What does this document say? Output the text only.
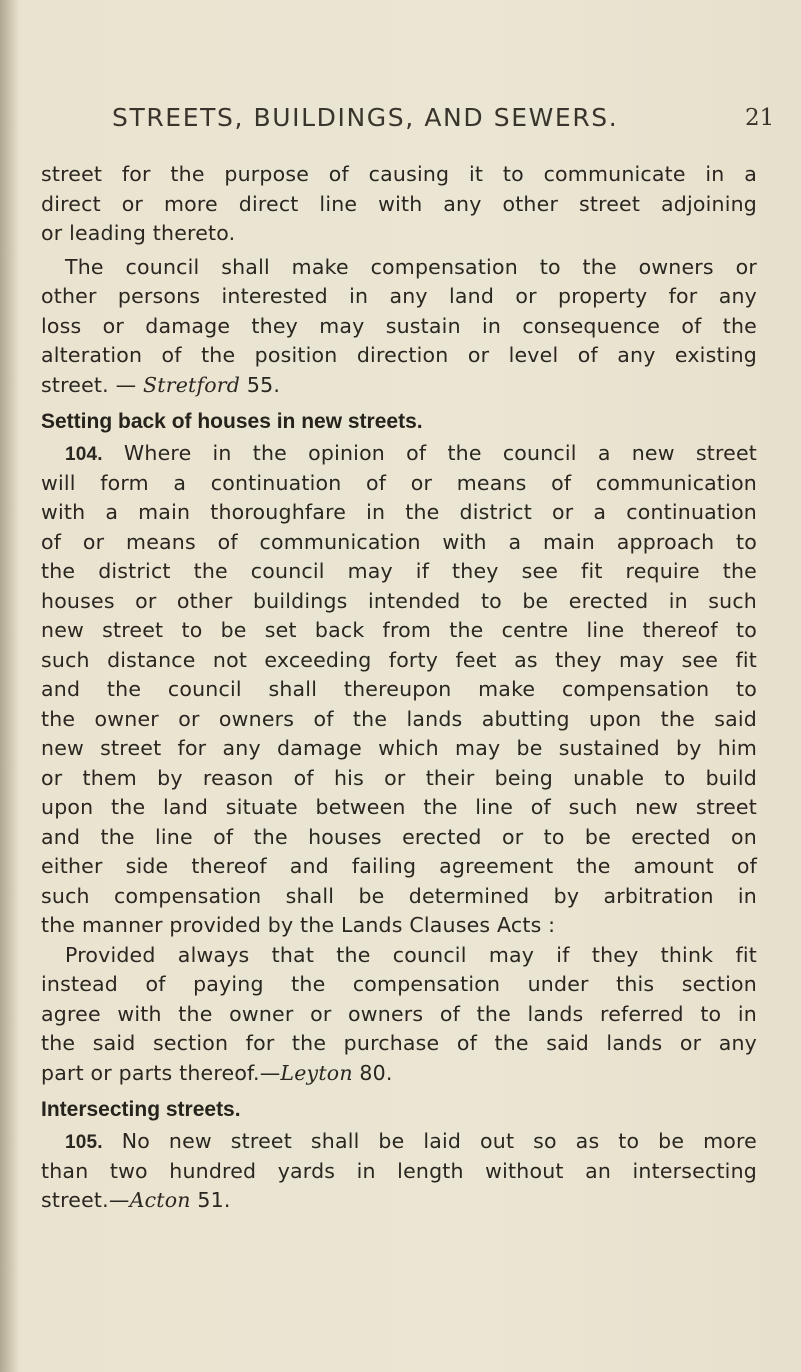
STREETS, BUILDINGS, AND SEWERS.	21
street for the purpose of causing it to communicate in a
direct or more direct line with any other street adjoining
or leading thereto.
The council shall make compensation to the owners or
other persons interested in any land or property for any
loss or damage they may sustain in consequence of the
alteration of the position direction or level of any existing
street. — Stretford 55.
Setting back of houses in new streets.
104. Where in the opinion of the council a new street
will form a continuation of or means of communication
with a main thoroughfare in the district or a continuation
of or means of communication with a main approach to
the district the council may if they see fit require the
houses or other buildings intended to be erected in such
new street to be set back from the centre line thereof to
such distance not exceeding forty feet as they may see fit
and the council shall thereupon make compensation to
the owner or owners of the lands abutting upon the said
new street for any damage which may be sustained by him
or them by reason of his or their being unable to build
upon the land situate between the line of such new street
and the line of the houses erected or to be erected on
either side thereof and failing agreement the amount of
such compensation shall be determined by arbitration in
the manner provided by the Lands Clauses Acts :
Provided always that the council may if they think fit
instead of paying the compensation under this section
agree with the owner or owners of the lands referred to in
the said section for the purchase of the said lands or any
part or parts thereof.—Leyton 80.
Intersecting streets.
105. No new street shall be laid out so as to be more
than two hundred yards in length without an intersecting
street.—Acton 51.
